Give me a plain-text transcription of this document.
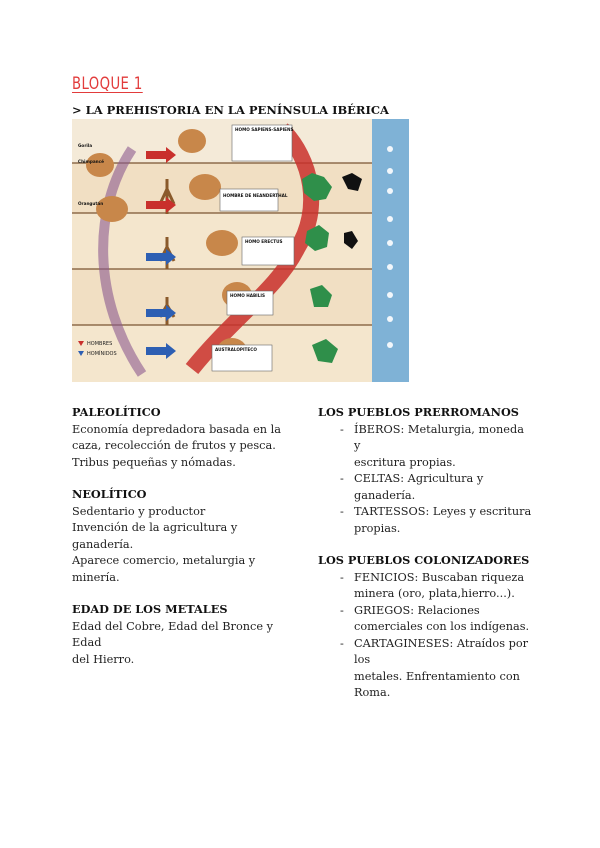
BLOQUE 1
> LA PREHISTORIA EN LA PENÍNSULA IBÉRICA
HOMBRES
HOMÍNIDOS
HOMO SAPIENS-SAPIENS
HOMBRE DE NEANDERTHAL
HOMO ERECTUS
HOMO HABILIS
AUSTRALOPITECO
Gorila
Chimpancé
Orangután
PALEOLÍTICO

Economía depredadora basada en la

caza, recolección de frutos y pesca.

Tribus pequeñas y nómadas.

NEOLÍTICO

Sedentario y productor

Invención de la agricultura y ganadería.

Aparece comercio, metalurgia y minería.

EDAD DE LOS METALES

Edad del Cobre, Edad del Bronce y Edad

del Hierro.

LOS PUEBLOS PRERROMANOS
- ÍBEROS: Metalurgia, moneda y
escritura propias.
- CELTAS: Agricultura y ganadería.
- TARTESSOS: Leyes y escritura
propias.
LOS PUEBLOS COLONIZADORES
- FENICIOS: Buscaban riqueza
minera (oro, plata,hierro...).
- GRIEGOS: Relaciones
comerciales con los indígenas.
- CARTAGINESES: Atraídos por los
metales. Enfrentamiento con
Roma.
